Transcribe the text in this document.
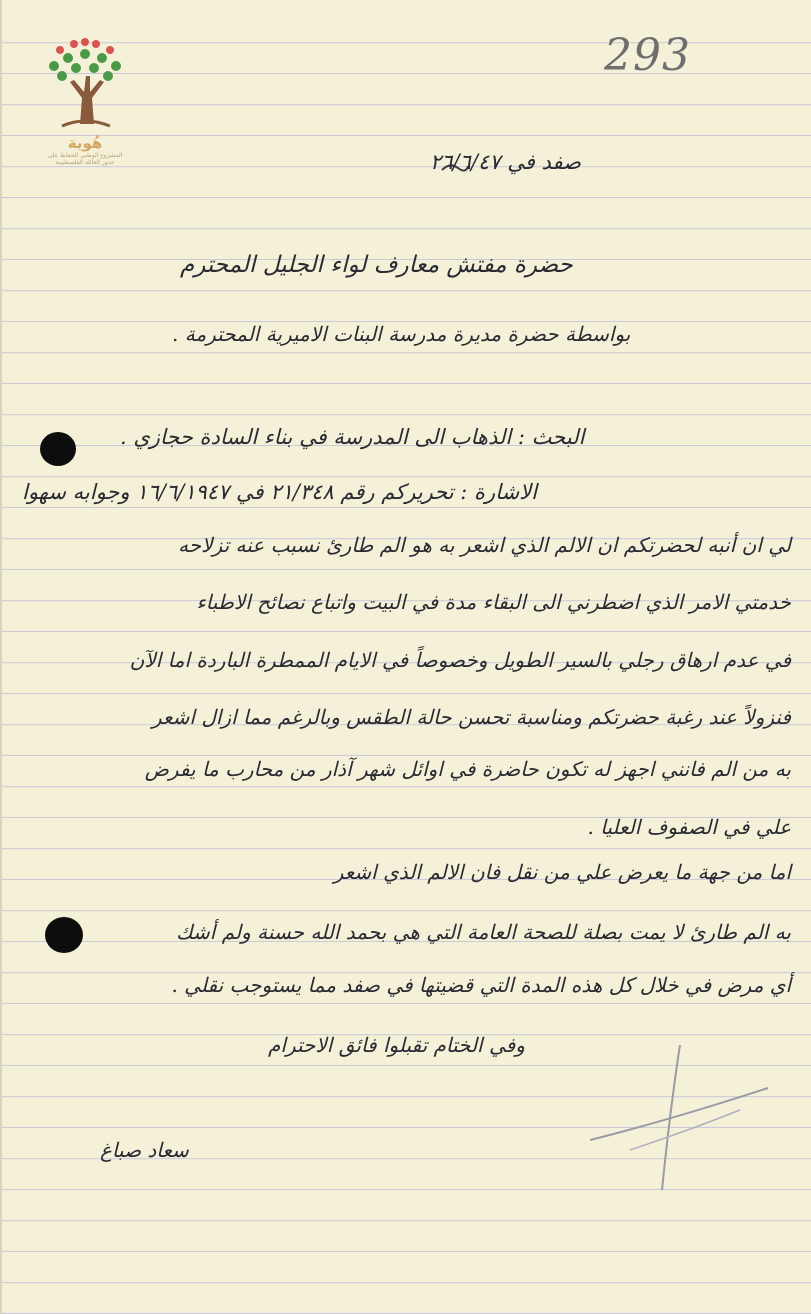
هُوية
المشروع الوطني للحفاظ على
جذور العائلة الفلسطينية
293
صفد في ٢٦/٦/٤٧
حضرة مفتش معارف لواء الجليل المحترم
بواسطة حضرة مديرة مدرسة البنات الاميرية المحترمة .
البحث : الذهاب الى المدرسة في بناء السادة حجازي .
الاشارة : تحريركم رقم ٢١/٣٤٨ في ١٦/٦/١٩٤٧ وجوابه سهوا
لي ان أنبه لحضرتكم ان الالم الذي اشعر به هو الم طارئ نسبب عنه تزلاحه
خدمتي الامر الذي اضطرني الى البقاء مدة في البيت واتباع نصائح الاطباء
في عدم ارهاق رجلي بالسير الطويل وخصوصاً في الايام الممطرة الباردة اما الآن
فنزولاً عند رغبة حضرتكم ومناسبة تحسن حالة الطقس وبالرغم مما ازال اشعر
به من الم فانني اجهز له تكون حاضرة في اوائل شهر آذار من محارب ما يفرض
علي في الصفوف العليا .
اما من جهة ما يعرض علي من نقل فان الالم الذي اشعر
به الم طارئ لا يمت بصلة للصحة العامة التي هي بحمد الله حسنة ولم أشك
أي مرض في خلال كل هذه المدة التي قضيتها في صفد مما يستوجب نقلي .
وفي الختام تقبلوا فائق الاحترام
سعاد صباغ
